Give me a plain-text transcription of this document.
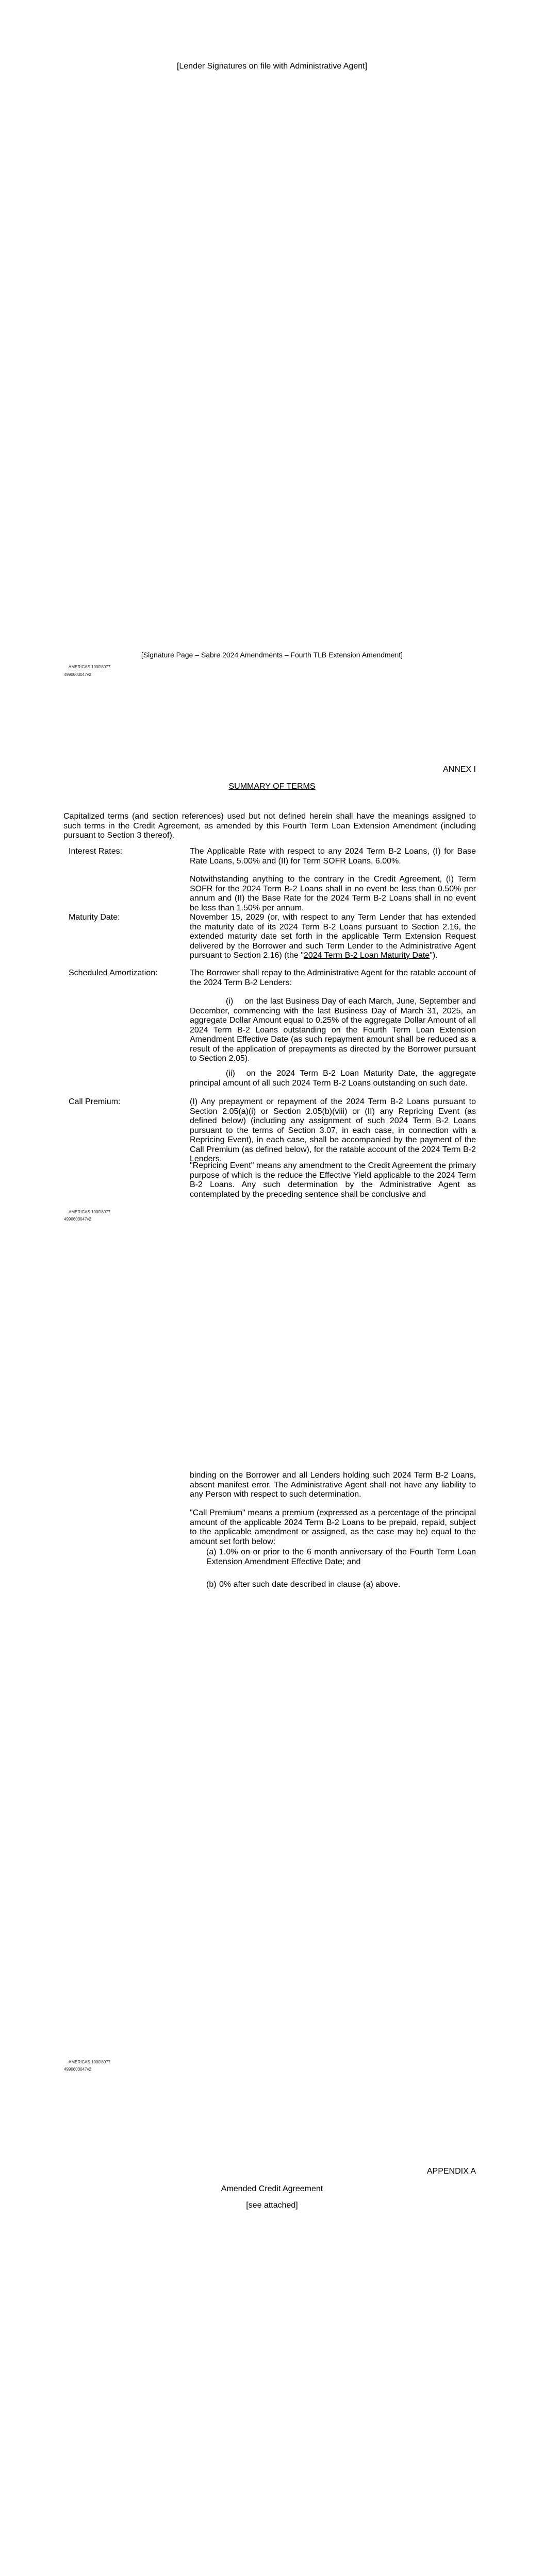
[Lender Signatures on file with Administrative Agent]
[Signature Page – Sabre 2024 Amendments – Fourth TLB Extension Amendment]
AMERICAS 1000'8077
4990603047v2
ANNEX I
SUMMARY OF TERMS
Capitalized terms (and section references) used but not defined herein shall have the meanings assigned to such terms in the Credit Agreement, as amended by this Fourth Term Loan Extension Amendment (including pursuant to Section 3 thereof).
Interest Rates:	The Applicable Rate with respect to any 2024 Term B-2 Loans, (I) for Base Rate Loans, 5.00% and (II) for Term SOFR Loans, 6.00%.
Notwithstanding anything to the contrary in the Credit Agreement, (I) Term SOFR for the 2024 Term B-2 Loans shall in no event be less than 0.50% per annum and (II) the Base Rate for the 2024 Term B-2 Loans shall in no event be less than 1.50% per annum.
Maturity Date:	November 15, 2029 (or, with respect to any Term Lender that has extended the maturity date of its 2024 Term B-2 Loans pursuant to Section 2.16, the extended maturity date set forth in the applicable Term Extension Request delivered by the Borrower and such Term Lender to the Administrative Agent pursuant to Section 2.16) (the "2024 Term B-2 Loan Maturity Date").
Scheduled Amortization:	The Borrower shall repay to the Administrative Agent for the ratable account of the 2024 Term B-2 Lenders:
(i) on the last Business Day of each March, June, September and December, commencing with the last Business Day of March 31, 2025, an aggregate Dollar Amount equal to 0.25% of the aggregate Dollar Amount of all 2024 Term B-2 Loans outstanding on the Fourth Term Loan Extension Amendment Effective Date (as such repayment amount shall be reduced as a result of the application of prepayments as directed by the Borrower pursuant to Section 2.05).
(ii) on the 2024 Term B-2 Loan Maturity Date, the aggregate principal amount of all such 2024 Term B-2 Loans outstanding on such date.
Call Premium:	(I) Any prepayment or repayment of the 2024 Term B-2 Loans pursuant to Section 2.05(a)(i) or Section 2.05(b)(viii) or (II) any Repricing Event (as defined below) (including any assignment of such 2024 Term B-2 Loans pursuant to the terms of Section 3.07, in each case, in connection with a Repricing Event), in each case, shall be accompanied by the payment of the Call Premium (as defined below), for the ratable account of the 2024 Term B-2 Lenders.
"Repricing Event" means any amendment to the Credit Agreement the primary purpose of which is the reduce the Effective Yield applicable to the 2024 Term B-2 Loans. Any such determination by the Administrative Agent as contemplated by the preceding sentence shall be conclusive and
AMERICAS 1000'8077
4990603047v2
binding on the Borrower and all Lenders holding such 2024 Term B-2 Loans, absent manifest error. The Administrative Agent shall not have any liability to any Person with respect to such determination.
"Call Premium" means a premium (expressed as a percentage of the principal amount of the applicable 2024 Term B-2 Loans to be prepaid, repaid, subject to the applicable amendment or assigned, as the case may be) equal to the amount set forth below:
(a) 1.0% on or prior to the 6 month anniversary of the Fourth Term Loan Extension Amendment Effective Date; and
(b) 0% after such date described in clause (a) above.
AMERICAS 1000'8077
4990603047v2
APPENDIX A
Amended Credit Agreement
[see attached]
